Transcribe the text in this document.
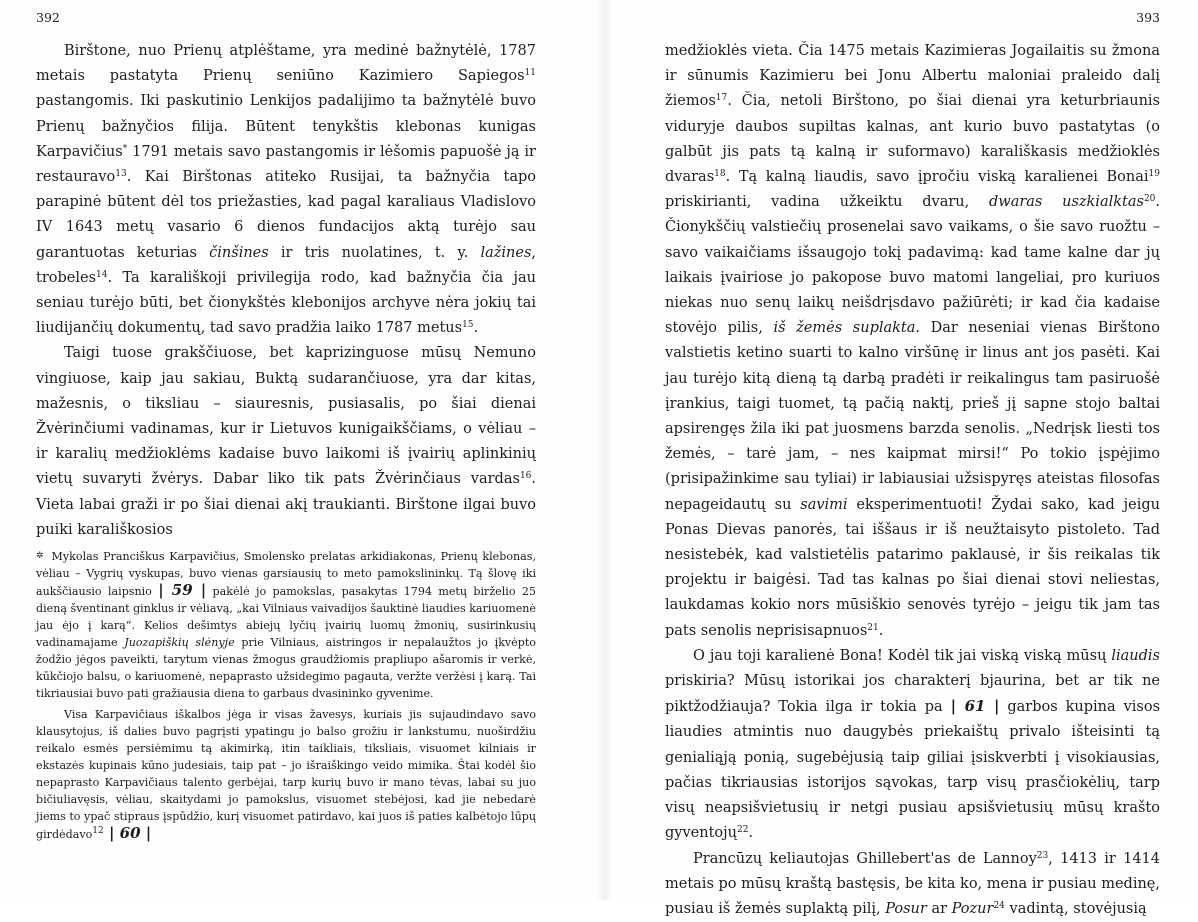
392

Birštone, nuo Prienų atplėštame, yra medinė bažnytėlė, 1787 metais pastatyta Prienų seniūno Kazimiero Sapiegos$^{11}$ pastangomis. Iki paskutinio Lenkijos padalijimo ta bažnytėlė buvo Prienų bažnyčios filija. Būtent tenykštis klebonas kunigas Karpavičius* 1791 metais savo pastangomis ir lėšomis papuošė ją ir restauravo$^{13}$. Kai Birštonas atiteko Rusijai, ta bažnyčia tapo parapinė būtent dėl tos priežasties, kad pagal karaliaus Vladislovo IV 1643 metų vasario 6 dienos fundacijos aktą turėjo sau garantuotas keturias činšines ir tris nuolatines, t. y. lažines, trobeles$^{14}$. Ta karališkoji privilegija rodo, kad bažnyčia čia jau seniau turėjo būti, bet čionykštės klebonijos archyve nėra jokių tai liudijančių dokumentų, tad savo pradžia laiko 1787 metus$^{15}$.

Taigi tuose grakščiuose, bet kaprizinguose mūsų Nemuno vingiuose, kaip jau sakiau, Buktą sudarančiuose, yra dar kitas, mažesnis, o tiksliau – siauresnis, pusiasalis, po šiai dienai Žvėrinčiumi vadinamas, kur ir Lietuvos kunigaikščiams, o vėliau – ir karalių medžioklėms kadaise buvo laikomi iš įvairių aplinkinių vietų suvaryti žvėrys. Dabar liko tik pats Žvėrinčiaus vardas$^{16}$. Vieta labai graži ir po šiai dienai akį traukianti. Birštone ilgai buvo puiki karališkosios

✲ Mykolas Pranciškus Karpavičius, Smolensko prelatas arkidiakonas, Prienų klebonas, vėliau – Vygrių vyskupas, buvo vienas garsiausių to meto pamokslininkų. Tą šlovę iki aukščiausio laipsnio | 59 | pakėlė jo pamokslas, pasakytas 1794 metų birželio 25 dieną šventinant ginklus ir vėliavą, „kai Vilniaus vaivadijos šauktinė liaudies kariuomenė jau ėjo į karą“. Kelios dešimtys abiejų lyčių įvairių luomų žmonių, susirinkusių vadinamajame Juozapiškių slėnyje prie Vilniaus, aistringos ir nepalaužtos jo įkvėpto žodžio jėgos paveikti, tarytum vienas žmogus graudžiomis prapliupo ašaromis ir verkė, kūkčiojo balsu, o kariuomenė, nepaprasto užsidegimo pagauta, veržte veržėsi į karą. Tai tikriausiai buvo pati gražiausia diena to garbaus dvasininko gyvenime.

Visa Karpavičiaus iškalbos jėga ir visas žavesys, kuriais jis sujaudindavo savo klausytojus, iš dalies buvo pagrįsti ypatingu jo balso grožiu ir lankstumu, nuoširdžiu reikalo esmės persiėmimu tą akimirką, itin taikliais, tiksliais, visuomet kilniais ir ekstazės kupinais kūno judesiais, taip pat – jo išraiškingo veido mimika. Štai kodėl šio nepaprasto Karpavičiaus talento gerbėjai, tarp kurių buvo ir mano tėvas, labai su juo bičiuliavęsis, vėliau, skaitydami jo pamokslus, visuomet stebėjosi, kad jie nebedarė jiems to ypač stipraus įspūdžio, kurį visuomet patirdavo, kai juos iš paties kalbėtojo lūpų girdėdavo$^{12}$ | 60 |

393

medžioklės vieta. Čia 1475 metais Kazimieras Jogailaitis su žmona ir sūnumis Kazimieru bei Jonu Albertu maloniai praleido dalį žiemos$^{17}$. Čia, netoli Birštono, po šiai dienai yra keturbriaunis viduryje daubos supiltas kalnas, ant kurio buvo pastatytas (o galbūt jis pats tą kalną ir suformavo) karališkasis medžioklės dvaras$^{18}$. Tą kalną liaudis, savo įpročiu viską karalienei Bonai$^{19}$ priskirianti, vadina užkeiktu dvaru, dwaras uszkialktas$^{20}$. Čionykščių valstiečių prosenelai savo vaikams, o šie savo ruožtu – savo vaikaičiams išsaugojo tokį padavimą: kad tame kalne dar jų laikais įvairiose jo pakopose buvo matomi langeliai, pro kuriuos niekas nuo senų laikų neišdrįsdavo pažiūrėti; ir kad čia kadaise stovėjo pilis, iš žemės suplakta. Dar neseniai vienas Birštono valstietis ketino suarti to kalno viršūnę ir linus ant jos pasėti. Kai jau turėjo kitą dieną tą darbą pradėti ir reikalingus tam pasiruošė įrankius, taigi tuomet, tą pačią naktį, prieš jį sapne stojo baltai apsirengęs žila iki pat juosmens barzda senolis. „Nedrįsk liesti tos žemės, – tarė jam, – nes kaipmat mirsi!“ Po tokio įspėjimo (prisipažinkime sau tyliai) ir labiausiai užsispyręs ateistas filosofas nepageidautų su savimi eksperimentuoti! Žydai sako, kad jeigu Ponas Dievas panorės, tai iššaus ir iš neužtaisyto pistoleto. Tad nesistebėk, kad valstietėlis patarimo paklausė, ir šis reikalas tik projektu ir baigėsi. Tad tas kalnas po šiai dienai stovi neliestas, laukdamas kokio nors mūsiškio senovės tyrėjo – jeigu tik jam tas pats senolis neprisisapnuos$^{21}$.

O jau toji karalienė Bona! Kodėl tik jai viską viską mūsų liaudis priskiria? Mūsų istorikai jos charakterį bjaurina, bet ar tik ne piktžodžiauja? Tokia ilga ir tokia pa | 61 | garbos kupina visos liaudies atmintis nuo daugybės priekaištų privalo išteisinti tą genialiąją ponią, sugebėjusią taip giliai įsiskverbti į visokiausias, pačias tikriausias istorijos sąvokas, tarp visų prasčiokėlių, tarp visų neapsišvietusių ir netgi pusiau apsišvietusių mūsų krašto gyventojų$^{22}$.

Prancūzų keliautojas Ghillebert'as de Lannoy$^{23}$, 1413 ir 1414 metais po mūsų kraštą bastęsis, be kita ko, mena ir pusiau medinę, pusiau iš žemės suplaktą pilį, Posur ar Pozur$^{24}$ vadintą, stovėjusią
